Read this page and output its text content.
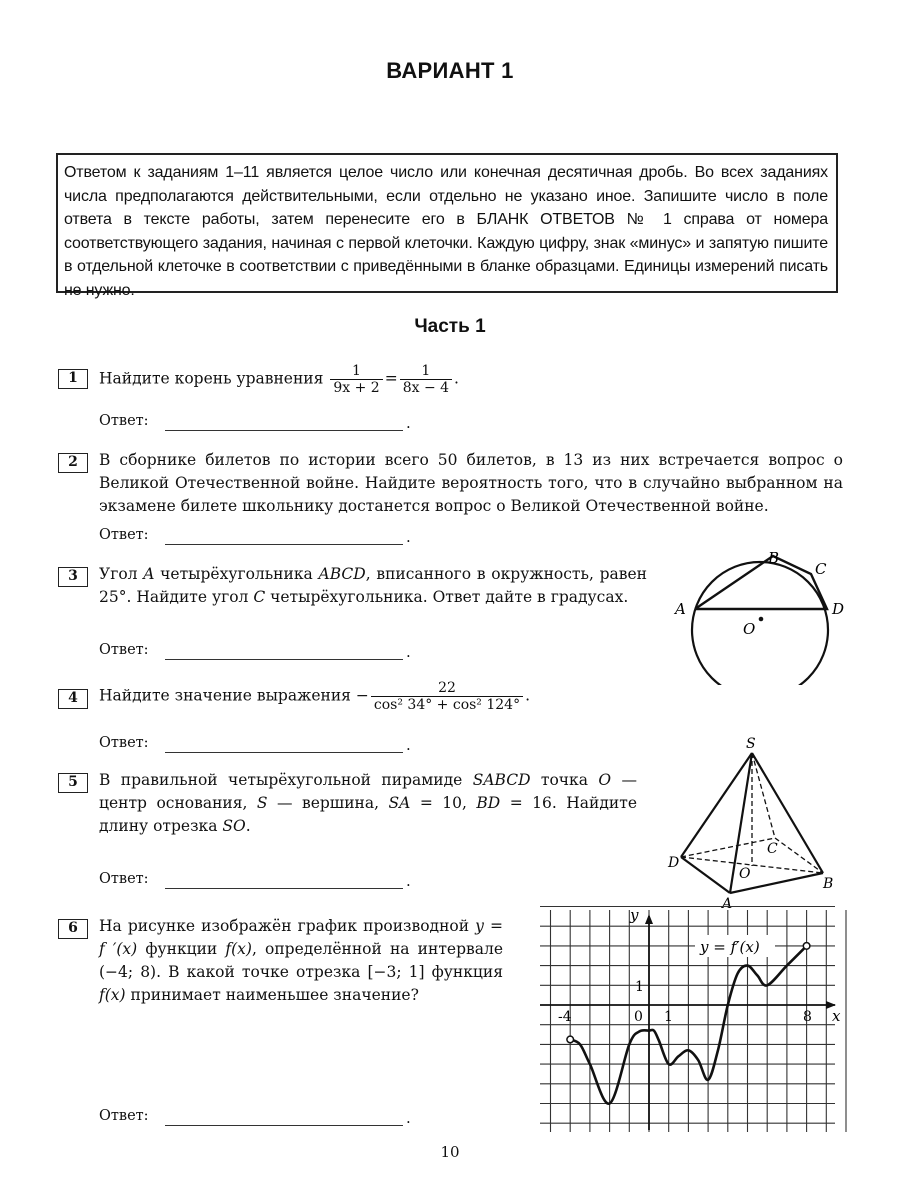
ВАРИАНТ 1
Ответом к заданиям 1–11 является целое число или конечная десятичная дробь. Во всех заданиях числа предполагаются действительными, если отдельно не указано иное. Запишите число в поле ответа в тексте работы, затем перенесите его в БЛАНК ОТВЕТОВ № 1 справа от номера соответствующего задания, начиная с первой клеточки. Каждую цифру, знак «минус» и запятую пишите в отдельной клеточке в соответствии с приведёнными в бланке образцами. Единицы измерений писать не нужно.
Часть 1
1	Найдите корень уравнения $\frac{1}{9x + 2} = \frac{1}{8x - 4}$ .
Ответ:	.
2	В сборнике билетов по истории всего 50 билетов, в 13 из них встречается вопрос о Великой Отечественной войне. Найдите вероятность того, что в случайно выбранном на экзамене билете школьнику достанется вопрос о Великой Отечественной войне.
Ответ:	.
3	Угол A четырёхугольника ABCD, вписанного в окружность, равен 25°. Найдите угол C четырёхугольника. Ответ дайте в градусах.
Ответ:	.
A
B
C
D
O
4	Найдите значение выражения − $\frac{22}{\text{cos² 34° + cos² 124°}}$ .
Ответ:	.
5	В правильной четырёхугольной пирамиде SABCD точка O — центр основания, S — вершина, SA = 10, BD = 16. Найдите длину отрезка SO.
Ответ:	.
S
A
B
C
D
O
6	На рисунке изображён график производной y = f ′(x) функции f(x), определённой на интервале (−4; 8). В какой точке отрезка [−3; 1] функция f(x) принимает наименьшее значение?
Ответ:	.
y = f′(x)
y
x
-4	0 1	8
1
10
